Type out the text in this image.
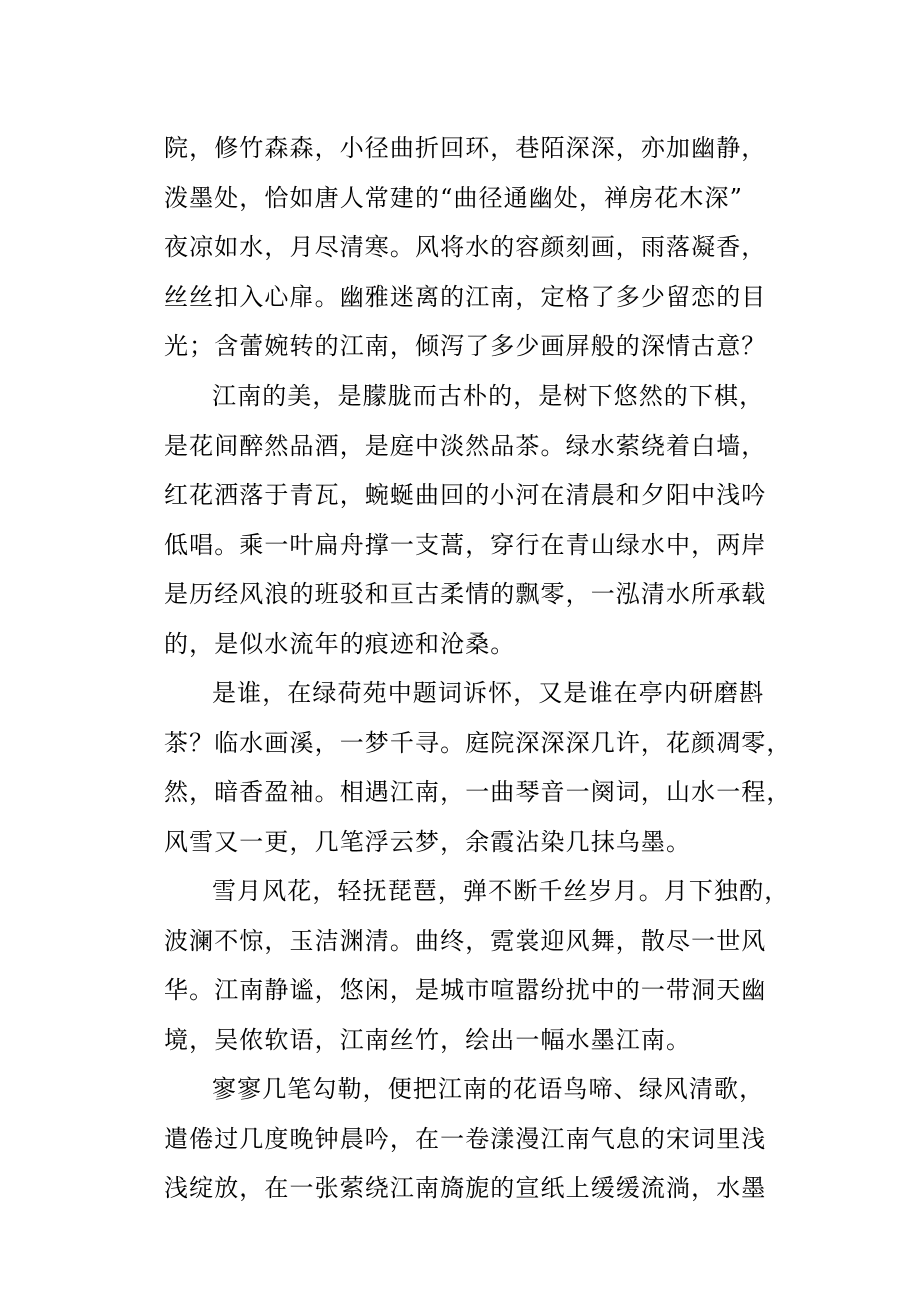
院，修竹森森，小径曲折回环，巷陌深深，亦加幽静，
泼墨处，恰如唐人常建的“曲径通幽处，禅房花木深”
夜凉如水，月尽清寒。风将水的容颜刻画，雨落凝香，
丝丝扣入心扉。幽雅迷离的江南，定格了多少留恋的目
光；含蕾婉转的江南，倾泻了多少画屏般的深情古意？
江南的美，是朦胧而古朴的，是树下悠然的下棋，
是花间醉然品酒，是庭中淡然品茶。绿水萦绕着白墙，
红花洒落于青瓦，蜿蜒曲回的小河在清晨和夕阳中浅吟
低唱。乘一叶扁舟撑一支蒿，穿行在青山绿水中，两岸
是历经风浪的班驳和亘古柔情的飘零，一泓清水所承载
的，是似水流年的痕迹和沧桑。
是谁，在绿荷苑中题词诉怀，又是谁在亭内研磨斟
茶？临水画溪，一梦千寻。庭院深深深几许，花颜凋零，
然，暗香盈袖。相遇江南，一曲琴音一阕词，山水一程，
风雪又一更，几笔浮云梦，余霞沾染几抹乌墨。
雪月风花，轻抚琵琶，弹不断千丝岁月。月下独酌，
波澜不惊，玉洁渊清。曲终，霓裳迎风舞，散尽一世风
华。江南静谧，悠闲，是城市喧嚣纷扰中的一带洞天幽
境，吴侬软语，江南丝竹，绘出一幅水墨江南。
寥寥几笔勾勒，便把江南的花语鸟啼、绿风清歌，
遣倦过几度晚钟晨吟，在一卷漾漫江南气息的宋词里浅
浅绽放，在一张萦绕江南旖旎的宣纸上缓缓流淌，水墨
